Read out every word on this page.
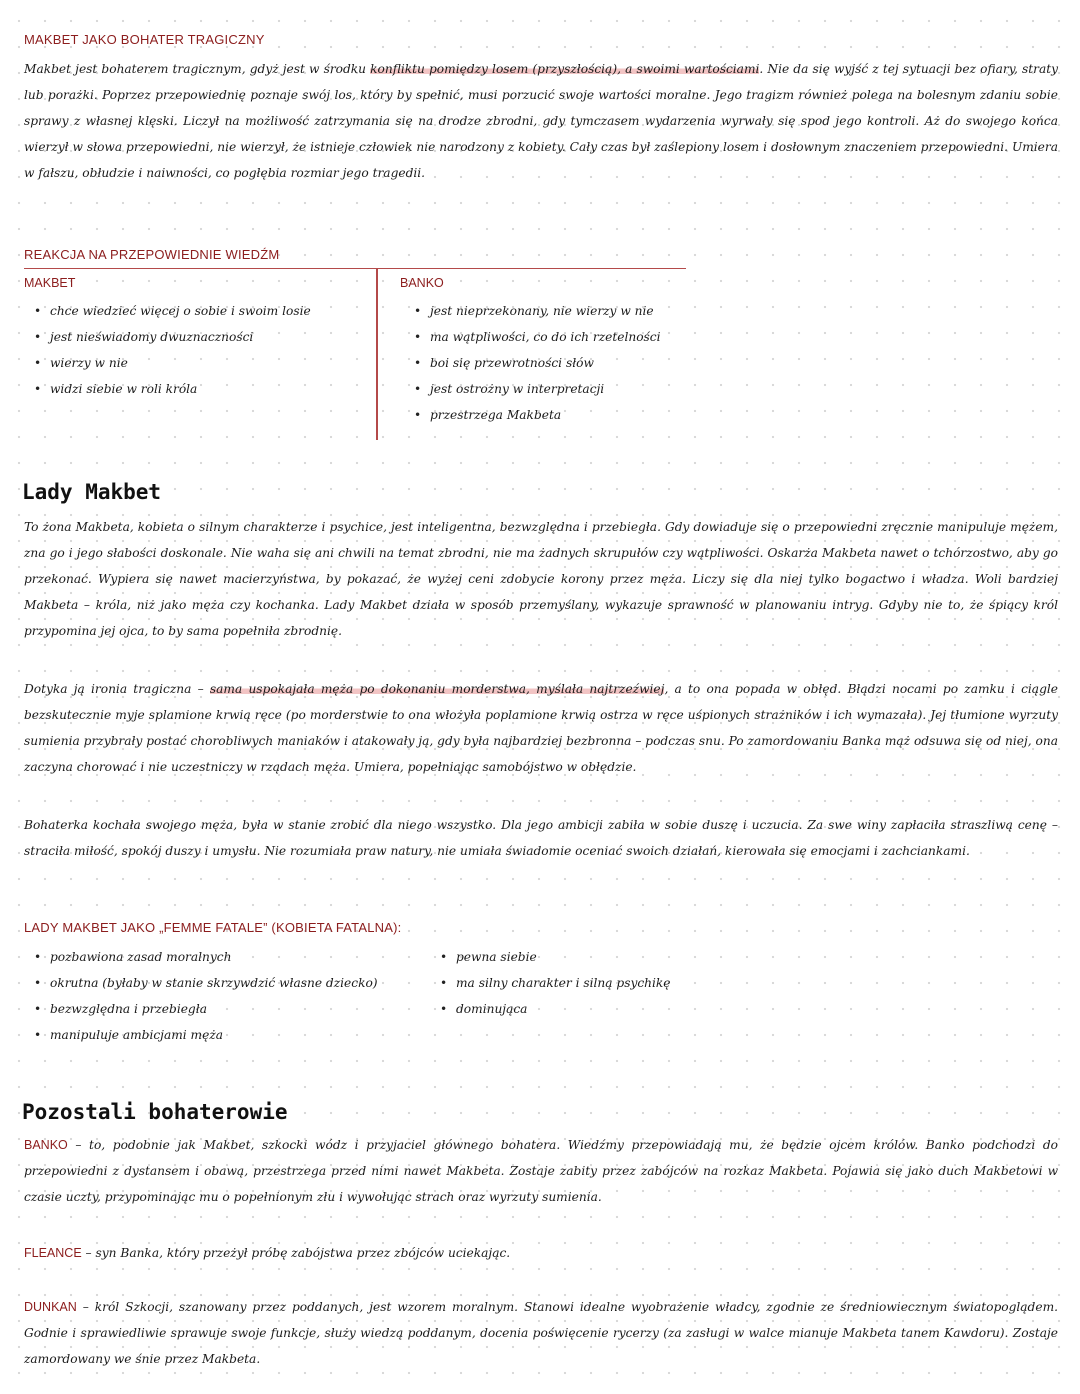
MAKBET JAKO BOHATER TRAGICZNY
Makbet jest bohaterem tragicznym, gdyż jest w środku konfliktu pomiędzy losem (przyszłością), a swoimi wartościami. Nie da się wyjść z tej sytuacji bez ofiary, straty lub porażki. Poprzez przepowiednię poznaje swój los, który by spełnić, musi porzucić swoje wartości moralne. Jego tragizm również polega na bolesnym zdaniu sobie sprawy z własnej klęski. Liczył na możliwość zatrzymania się na drodze zbrodni, gdy tymczasem wydarzenia wyrwały się spod jego kontroli. Aż do swojego końca wierzył w słowa przepowiedni, nie wierzył, że istnieje człowiek nie narodzony z kobiety. Cały czas był zaślepiony losem i dosłownym znaczeniem przepowiedni. Umiera w fałszu, obłudzie i naiwności, co pogłębia rozmiar jego tragedii.
REAKCJA NA PRZEPOWIEDNIE WIEDŹM
MAKBET	BANKO
• chce wiedzieć więcej o sobie i swoim losie
• jest nieświadomy dwuznaczności
• wierzy w nie
• widzi siebie w roli króla
• jest nieprzekonany, nie wierzy w nie
• ma wątpliwości, co do ich rzetelności
• boi się przewrotności słów
• jest ostrożny w interpretacji
• przestrzega Makbeta
Lady Makbet
To żona Makbeta, kobieta o silnym charakterze i psychice, jest inteligentna, bezwzględna i przebiegła. Gdy dowiaduje się o przepowiedni zręcznie manipuluje mężem, zna go i jego słabości doskonale. Nie waha się ani chwili na temat zbrodni, nie ma żadnych skrupułów czy wątpliwości. Oskarża Makbeta nawet o tchórzostwo, aby go przekonać. Wypiera się nawet macierzyństwa, by pokazać, że wyżej ceni zdobycie korony przez męża. Liczy się dla niej tylko bogactwo i władza. Woli bardziej Makbeta – króla, niż jako męża czy kochanka. Lady Makbet działa w sposób przemyślany, wykazuje sprawność w planowaniu intryg. Gdyby nie to, że śpiący król przypomina jej ojca, to by sama popełniła zbrodnię.
Dotyka ją ironia tragiczna – sama uspokajała męża po dokonaniu morderstwa, myślała najtrzeźwiej, a to ona popada w obłęd. Błądzi nocami po zamku i ciągle bezskutecznie myje splamione krwią ręce (po morderstwie to ona włożyła poplamione krwią ostrza w ręce uśpionych strażników i ich wymazała). Jej tłumione wyrzuty sumienia przybrały postać chorobliwych maniaków i atakowały ją, gdy była najbardziej bezbronna – podczas snu. Po zamordowaniu Banka mąż odsuwa się od niej, ona zaczyna chorować i nie uczestniczy w rządach męża. Umiera, popełniając samobójstwo w obłędzie.
Bohaterka kochała swojego męża, była w stanie zrobić dla niego wszystko. Dla jego ambicji zabiła w sobie duszę i uczucia. Za swe winy zapłaciła straszliwą cenę – straciła miłość, spokój duszy i umysłu. Nie rozumiała praw natury, nie umiała świadomie oceniać swoich działań, kierowała się emocjami i zachciankami.
LADY MAKBET JAKO „FEMME FATALE” (KOBIETA FATALNA):
• pozbawiona zasad moralnych
• okrutna (byłaby w stanie skrzywdzić własne dziecko)
• bezwzględna i przebiegła
• manipuluje ambicjami męża
• pewna siebie
• ma silny charakter i silną psychikę
• dominująca
Pozostali bohaterowie
BANKO – to, podobnie jak Makbet, szkocki wódz i przyjaciel głównego bohatera. Wiedźmy przepowiadają mu, że będzie ojcem królów. Banko podchodzi do przepowiedni z dystansem i obawą, przestrzega przed nimi nawet Makbeta. Zostaje zabity przez zabójców na rozkaz Makbeta. Pojawia się jako duch Makbetowi w czasie uczty, przypominając mu o popełnionym złu i wywołując strach oraz wyrzuty sumienia.
FLEANCE – syn Banka, który przeżył próbę zabójstwa przez zbójców uciekając.
DUNKAN – król Szkocji, szanowany przez poddanych, jest wzorem moralnym. Stanowi idealne wyobrażenie władcy, zgodnie ze średniowiecznym światopoglądem. Godnie i sprawiedliwie sprawuje swoje funkcje, służy wiedzą poddanym, docenia poświęcenie rycerzy (za zasługi w walce mianuje Makbeta tanem Kawdoru). Zostaje zamordowany we śnie przez Makbeta.
